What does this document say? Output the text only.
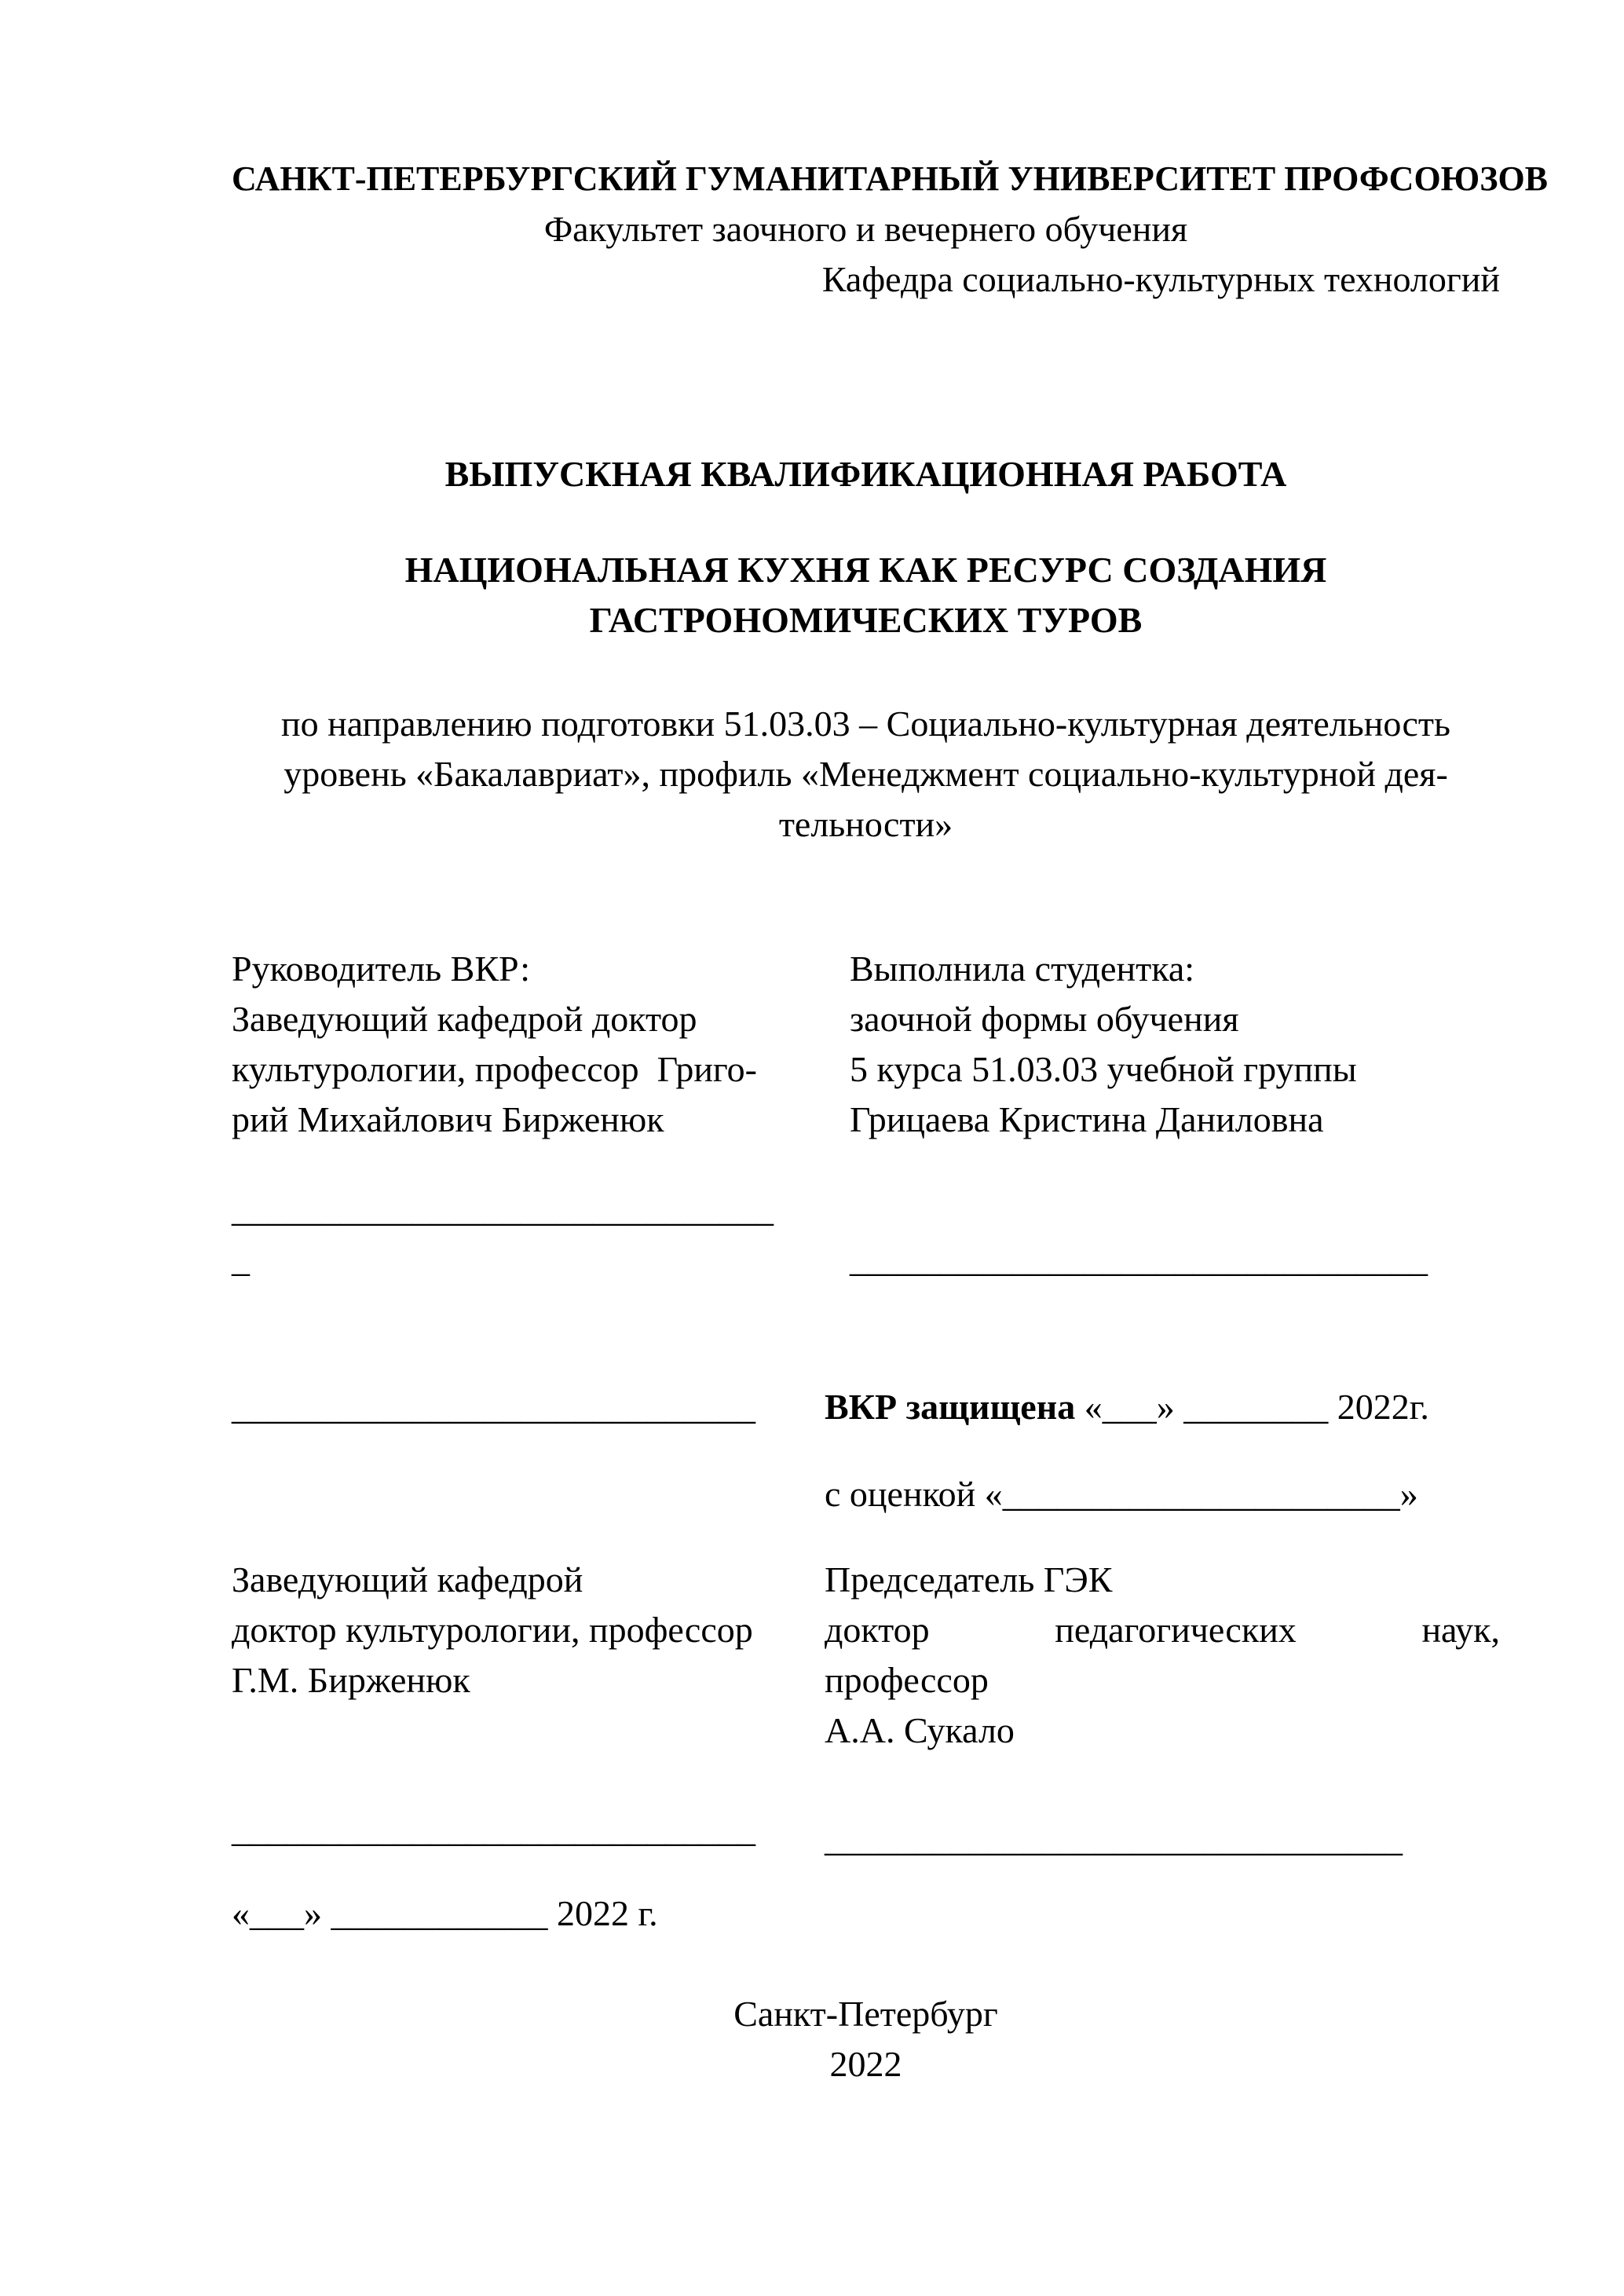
САНКТ-ПЕТЕРБУРГСКИЙ ГУМАНИТАРНЫЙ УНИВЕРСИТЕТ ПРОФСОЮЗОВ
Факультет заочного и вечернего обучения
Кафедра социально-культурных технологий
ВЫПУСКНАЯ КВАЛИФИКАЦИОННАЯ РАБОТА
НАЦИОНАЛЬНАЯ КУХНЯ КАК РЕСУРС СОЗДАНИЯ
ГАСТРОНОМИЧЕСКИХ ТУРОВ
по направлению подготовки 51.03.03 – Социально-культурная деятельность
уровень «Бакалавриат», профиль «Менеджмент социально-культурной дея-
тельности»
Руководитель ВКР:
Заведующий кафедрой доктор
культурологии, профессор  Григо-
рий Михайлович Бирженюк
Выполнила студентка:
заочной формы обучения
5 курса 51.03.03 учебной группы
Грицаева Кристина Даниловна
______________________________
_	________________________________
_____________________________	ВКР защищена «___» ________ 2022г.
с оценкой «______________________»
Заведующий кафедрой
доктор культурологии, профессор
Г.М. Бирженюк
Председатель ГЭК
доктор педагогических наук,
профессор
А.А. Сукало
_____________________________	________________________________
«___» ____________ 2022 г.
Санкт-Петербург
2022
